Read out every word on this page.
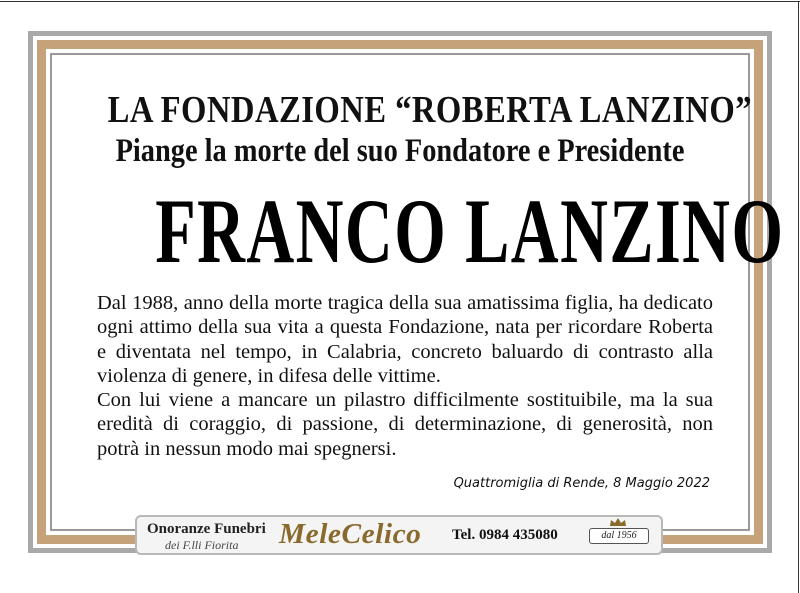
LA FONDAZIONE “ROBERTA LANZINO”
Piange la morte del suo Fondatore e Presidente
FRANCO LANZINO

Dal 1988, anno della morte tragica della sua amatissima figlia, ha dedicato ogni attimo della sua vita a questa Fondazione, nata per ricordare Roberta e diventata nel tempo, in Calabria, concreto baluardo di contrasto alla violenza di genere, in difesa delle vittime.

Con lui viene a mancare un pilastro difficilmente sostituibile, ma la sua eredità di coraggio, di passione, di determinazione, di generosità, non potrà in nessun modo mai spegnersi.

Quattromiglia di Rende, 8 Maggio 2022
Onoranze Funebri
dei F.lli Fiorita MeleCelico Tel. 0984 435080	dal 1956
